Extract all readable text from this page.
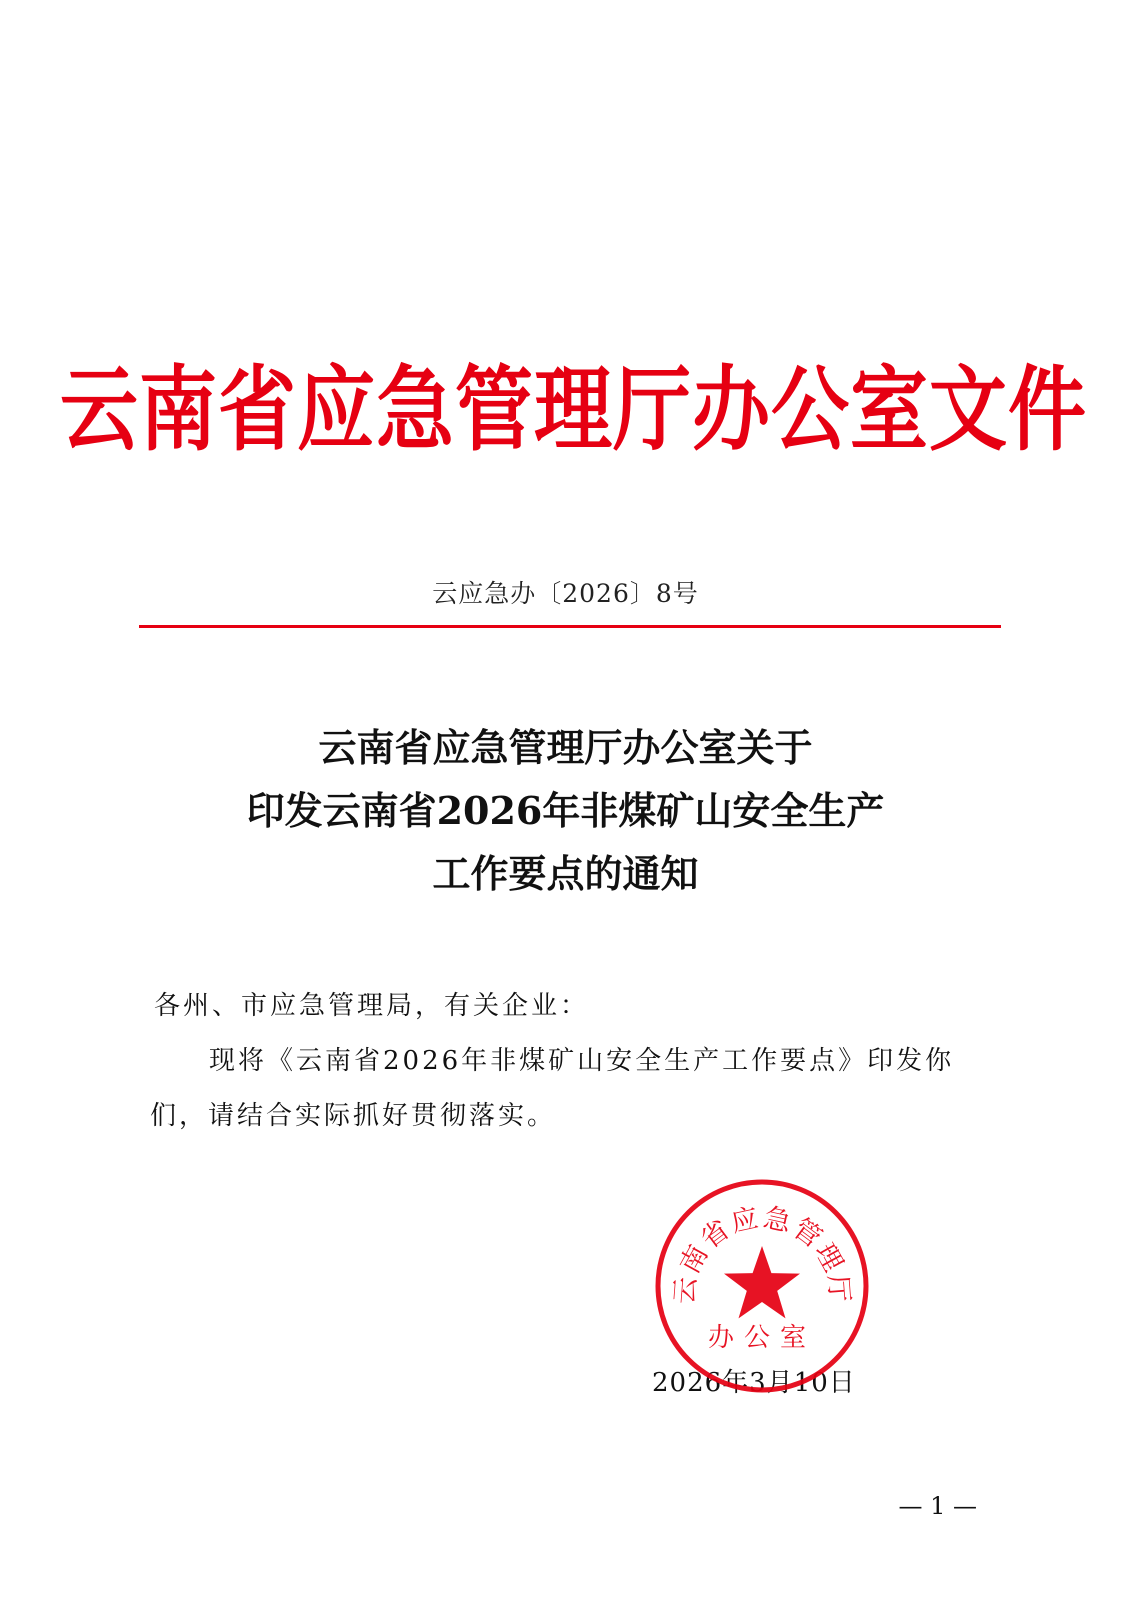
云南省应急管理厅办公室文件
云应急办〔2026〕8号
云南省应急管理厅办公室关于
印发云南省2026年非煤矿山安全生产
工作要点的通知
各州、市应急管理局，有关企业：
现将《云南省2026年非煤矿山安全生产工作要点》印发你
们，请结合实际抓好贯彻落实。
2026年3月10日
云南省应急管理厅
办公室
— 1 —
